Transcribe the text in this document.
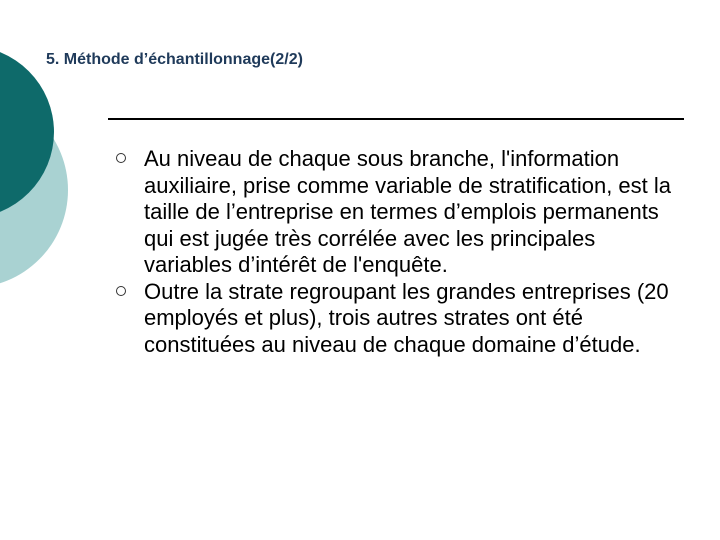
5. Méthode d’échantillonnage(2/2)
Au niveau de chaque sous branche, l'information auxiliaire, prise comme variable de stratification, est la taille de l’entreprise en termes d’emplois permanents qui est jugée très corrélée avec les principales variables d’intérêt de l'enquête.
Outre la strate regroupant les grandes entreprises (20 employés et plus), trois autres strates ont été constituées au niveau de chaque domaine d’étude.
